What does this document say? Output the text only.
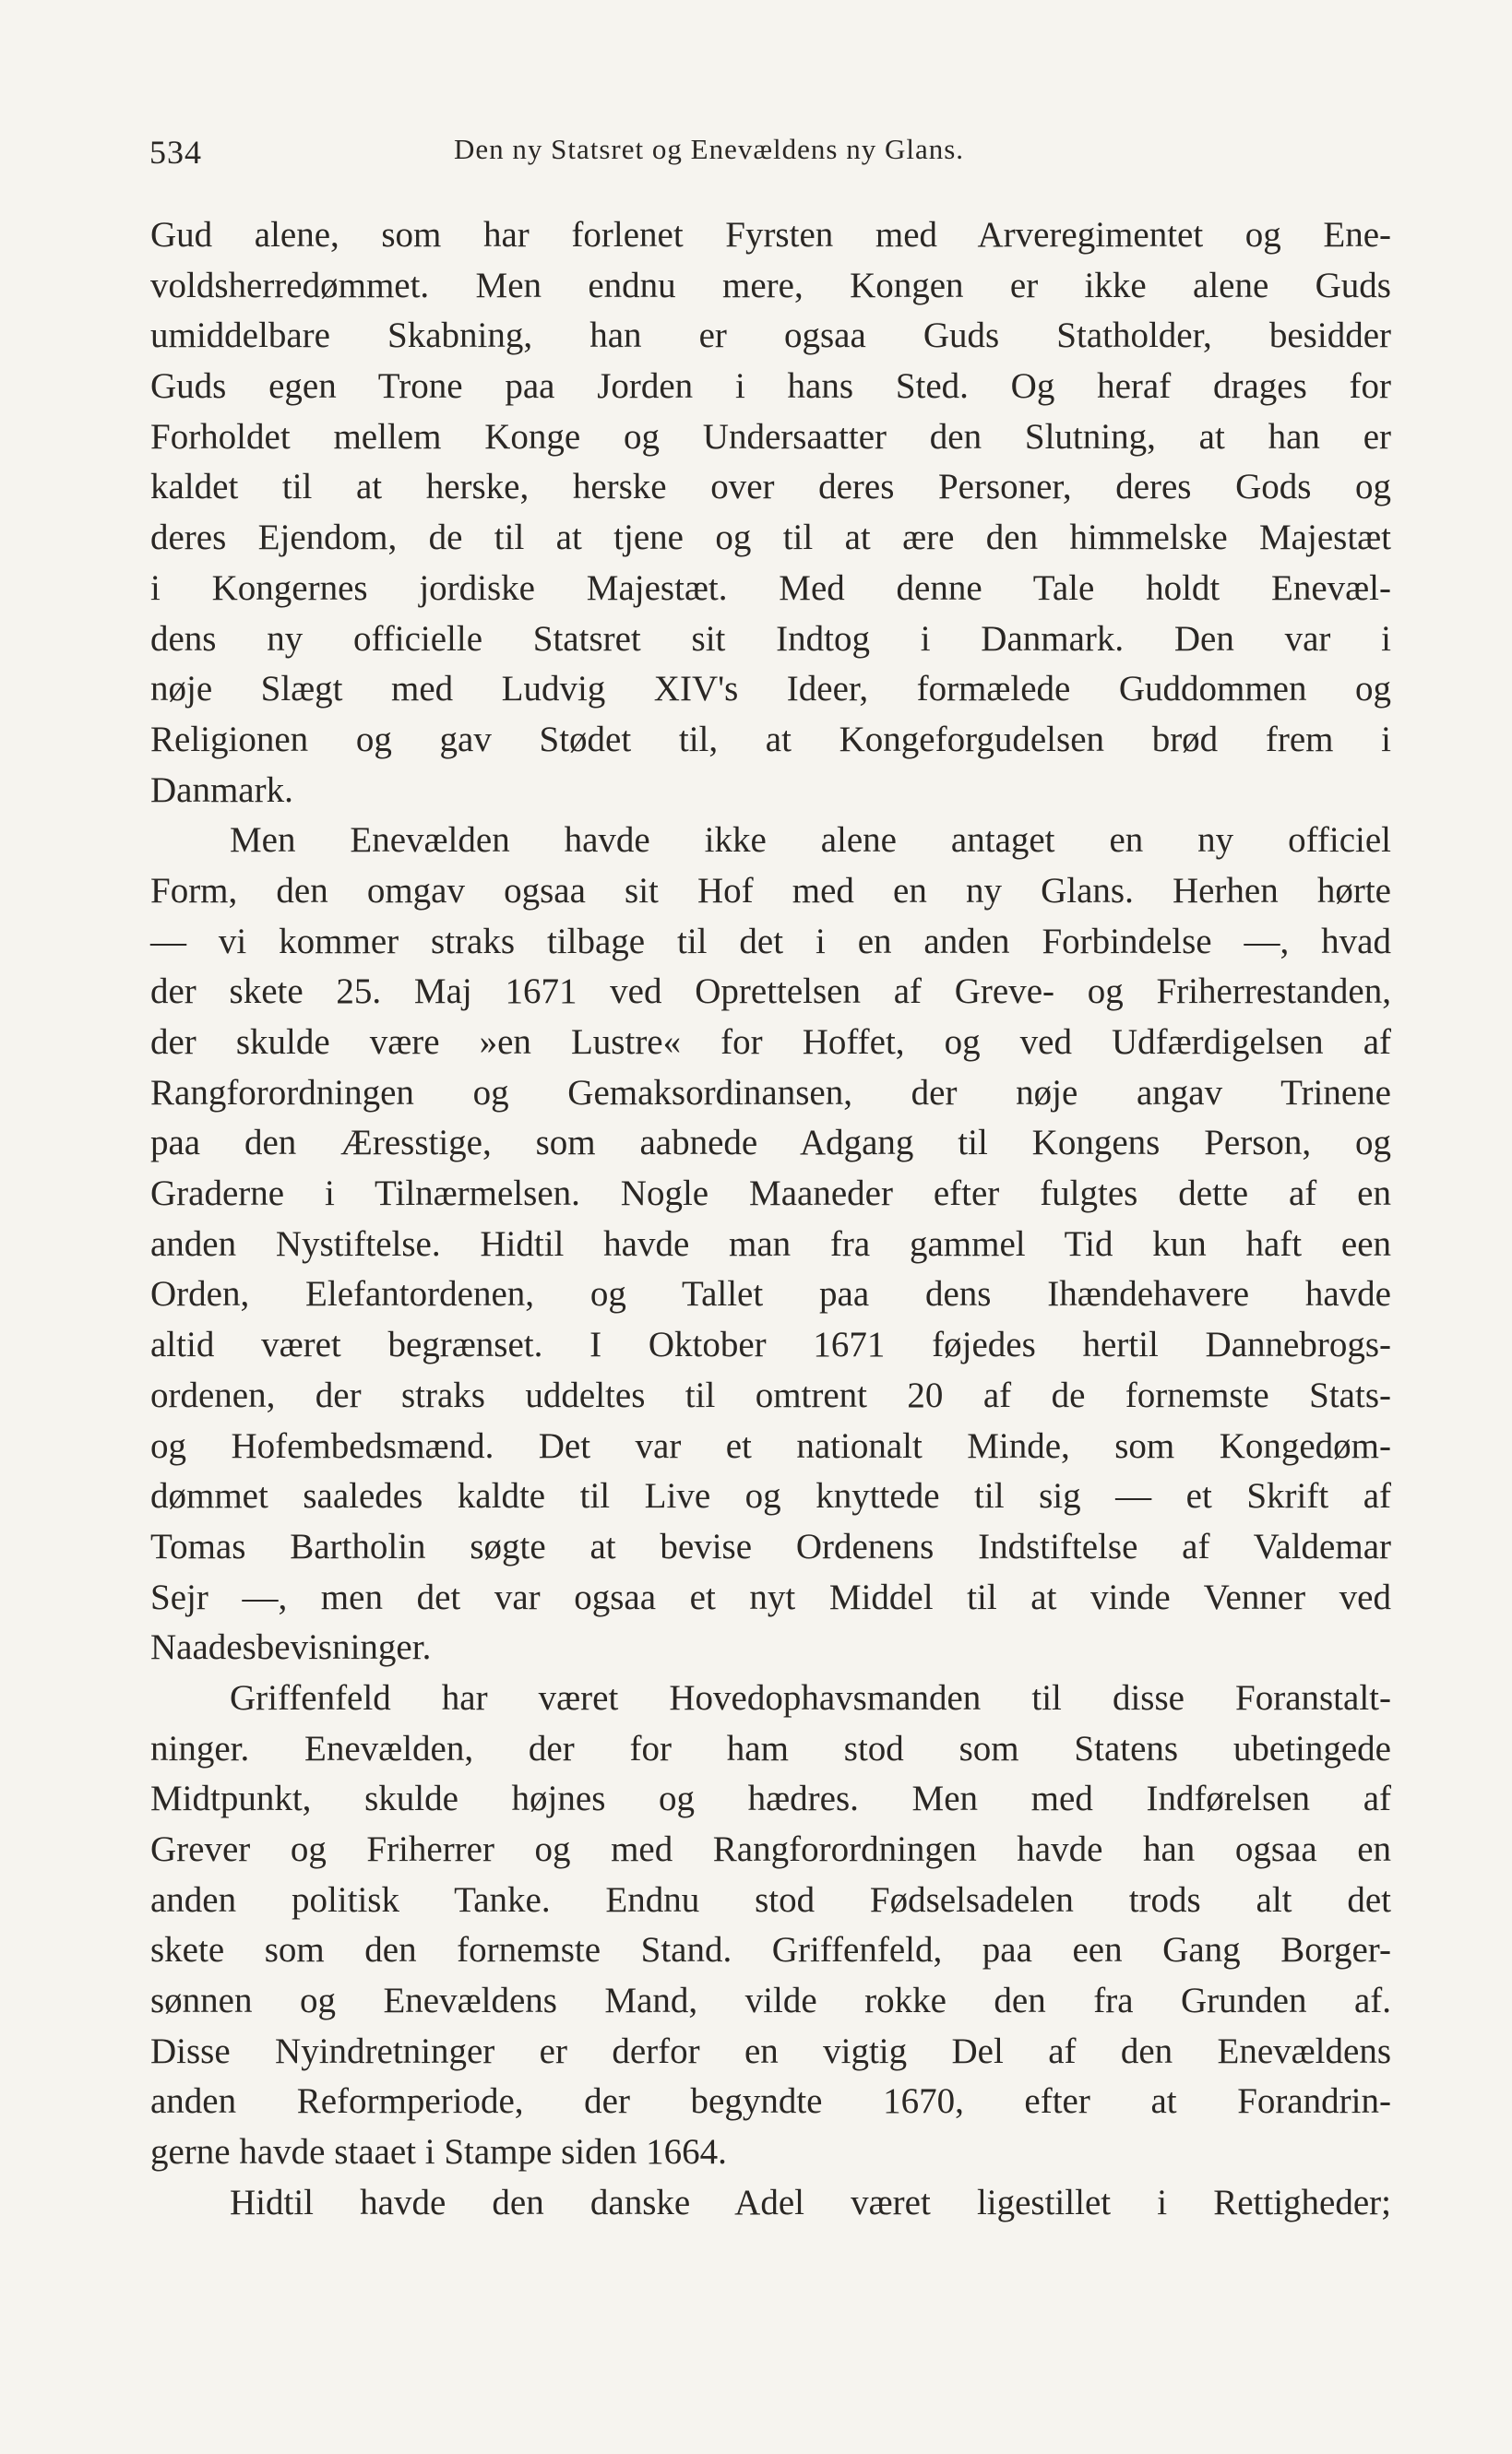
534	Den ny Statsret og Enevældens ny Glans.
Gud alene, som har forlenet Fyrsten med Arveregimentet og Ene-
voldsherredømmet. Men endnu mere, Kongen er ikke alene Guds
umiddelbare Skabning, han er ogsaa Guds Statholder, besidder
Guds egen Trone paa Jorden i hans Sted. Og heraf drages for
Forholdet mellem Konge og Undersaatter den Slutning, at han er
kaldet til at herske, herske over deres Personer, deres Gods og
deres Ejendom, de til at tjene og til at ære den himmelske Majestæt
i Kongernes jordiske Majestæt. Med denne Tale holdt Enevæl-
dens ny officielle Statsret sit Indtog i Danmark. Den var i
nøje Slægt med Ludvig XIV's Ideer, formælede Guddommen og
Religionen og gav Stødet til, at Kongeforgudelsen brød frem i
Danmark.
Men Enevælden havde ikke alene antaget en ny officiel
Form, den omgav ogsaa sit Hof med en ny Glans. Herhen hørte
— vi kommer straks tilbage til det i en anden Forbindelse —, hvad
der skete 25. Maj 1671 ved Oprettelsen af Greve- og Friherrestanden,
der skulde være »en Lustre« for Hoffet, og ved Udfærdigelsen af
Rangforordningen og Gemaksordinansen, der nøje angav Trinene
paa den Æresstige, som aabnede Adgang til Kongens Person, og
Graderne i Tilnærmelsen. Nogle Maaneder efter fulgtes dette af en
anden Nystiftelse. Hidtil havde man fra gammel Tid kun haft een
Orden, Elefantordenen, og Tallet paa dens Ihændehavere havde
altid været begrænset. I Oktober 1671 føjedes hertil Dannebrogs-
ordenen, der straks uddeltes til omtrent 20 af de fornemste Stats-
og Hofembedsmænd. Det var et nationalt Minde, som Kongedøm-
dømmet saaledes kaldte til Live og knyttede til sig — et Skrift af
Tomas Bartholin søgte at bevise Ordenens Indstiftelse af Valdemar
Sejr —, men det var ogsaa et nyt Middel til at vinde Venner ved
Naadesbevisninger.
Griffenfeld har været Hovedophavsmanden til disse Foranstalt-
ninger. Enevælden, der for ham stod som Statens ubetingede
Midtpunkt, skulde højnes og hædres. Men med Indførelsen af
Grever og Friherrer og med Rangforordningen havde han ogsaa en
anden politisk Tanke. Endnu stod Fødselsadelen trods alt det
skete som den fornemste Stand. Griffenfeld, paa een Gang Borger-
sønnen og Enevældens Mand, vilde rokke den fra Grunden af.
Disse Nyindretninger er derfor en vigtig Del af den Enevældens
anden Reformperiode, der begyndte 1670, efter at Forandrin-
gerne havde staaet i Stampe siden 1664.
Hidtil havde den danske Adel været ligestillet i Rettigheder;
